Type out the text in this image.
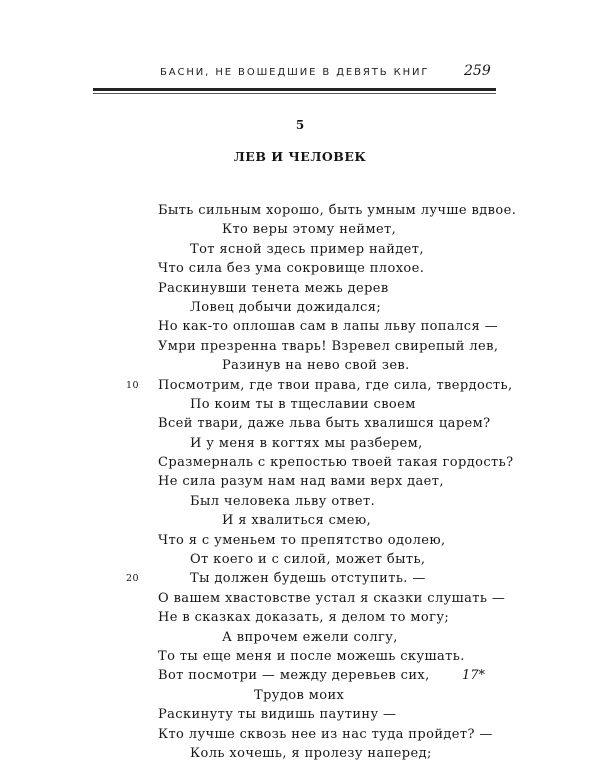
БАСНИ, НЕ ВОШЕДШИЕ В ДЕВЯТЬ КНИГ	259
5
ЛЕВ И ЧЕЛОВЕК
Быть сильным хорошо, быть умным лучше вдвое.
Кто веры этому неймет,
Тот ясной здесь пример найдет,
Что сила без ума сокровище плохое.
Раскинувши тенета межь дерев
Ловец добычи дожидался;
Но как-то оплошав сам в лапы льву попался —
Умри презренна тварь! Взревел свирепый лев,
Разинув на нево свой зев.
10	Посмотрим, где твои права, где сила, твердость,
По коим ты в тщеславии своем
Всей твари, даже льва быть хвалишся царем?
И у меня в когтях мы разберем,
Сразмерналь с крепостью твоей такая гордость?
Не сила разум нам над вами верх дает,
Был человека льву ответ.
И я хвалиться смею,
Что я с уменьем то препятство одолею,
От коего и с силой, может быть,
20	Ты должен будешь отступить. —
О вашем хвастовстве устал я сказки слушать —
Не в сказках доказать, я делом то могу;
А впрочем ежели солгу,
То ты еще меня и после можешь скушать.
Вот посмотри — между деревьев сих,
Трудов моих
Раскинуту ты видишь паутину —
Кто лучше сквозь нее из нас туда пройдет? —
Коль хочешь, я пролезу наперед;
17*
